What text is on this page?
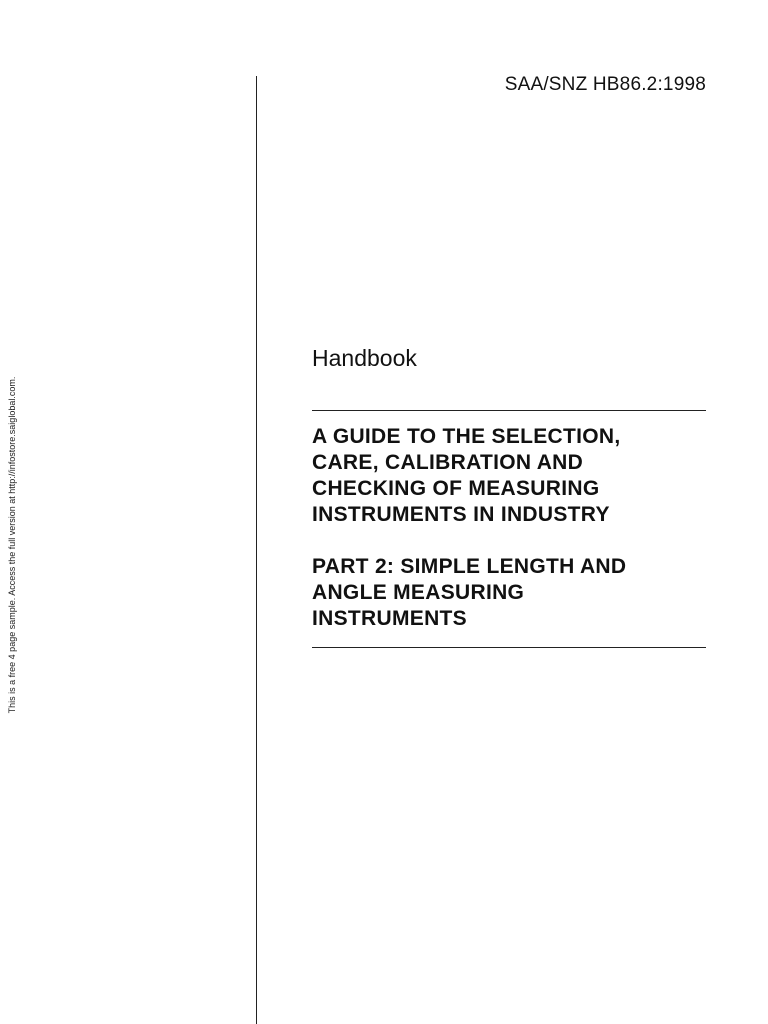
This is a free 4 page sample. Access the full version at http://infostore.saiglobal.com.
SAA/SNZ HB86.2:1998
Handbook
A GUIDE TO THE SELECTION,
CARE, CALIBRATION AND
CHECKING OF MEASURING
INSTRUMENTS IN INDUSTRY
PART 2: SIMPLE LENGTH AND
ANGLE MEASURING
INSTRUMENTS
